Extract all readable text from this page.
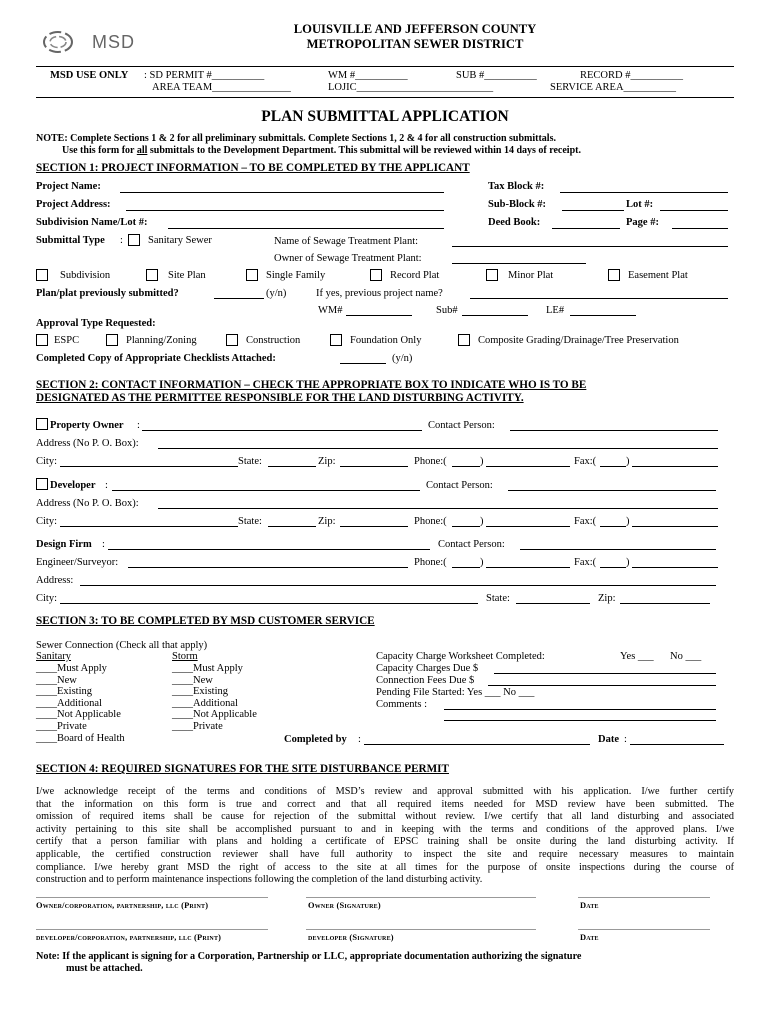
MSD
LOUISVILLE AND JEFFERSON COUNTY
METROPOLITAN SEWER DISTRICT
MSD USE ONLY : SD PERMIT #__________	WM #__________	SUB #__________	RECORD #__________
AREA TEAM_______________	LOJIC__________________________	SERVICE AREA__________
PLAN SUBMITTAL APPLICATION
NOTE: Complete Sections 1 & 2 for all preliminary submittals. Complete Sections 1, 2 & 4 for all construction submittals.
Use this form for all submittals to the Development Department. This submittal will be reviewed within 14 days of receipt.
SECTION 1: PROJECT INFORMATION – TO BE COMPLETED BY THE APPLICANT
Project Name:	Tax Block #:
Project Address:	Sub-Block #:	Lot #:
Subdivision Name/Lot #:	Deed Book:	Page #:
Submittal Type : Sanitary Sewer	Name of Sewage Treatment Plant:
Owner of Sewage Treatment Plant:
Subdivision	Site Plan	Single Family	Record Plat	Minor Plat	Easement Plat
Plan/plat previously submitted?	(y/n)	If yes, previous project name?
WM#	Sub#	LE#
Approval Type Requested:
ESPC	Planning/Zoning	Construction	Foundation Only	Composite Grading/Drainage/Tree Preservation
Completed Copy of Appropriate Checklists Attached:	(y/n)
SECTION 2: CONTACT INFORMATION – CHECK THE APPROPRIATE BOX TO INDICATE WHO IS TO BE
DESIGNATED AS THE PERMITTEE RESPONSIBLE FOR THE LAND DISTURBING ACTIVITY.
Property Owner :	Contact Person:
Address (No P. O. Box):
City:	State:	Zip:	Phone:(	)	Fax:(	)
Developer :	Contact Person:
Address (No P. O. Box):
City:	State:	Zip:	Phone:(	)	Fax:(	)
Design Firm :	Contact Person:
Engineer/Surveyor:	Phone:(	)	Fax:(	)
Address:
City:	State:	Zip:
SECTION 3: TO BE COMPLETED BY MSD CUSTOMER SERVICE
Sewer Connection (Check all that apply)
Sanitary	Storm
____Must Apply
____New
____Existing
____Additional
____Not Applicable
____Private
____Board of Health
____Must Apply
____New
____Existing
____Additional
____Not Applicable
____Private
Capacity Charge Worksheet Completed:	Yes ___ No ___
Capacity Charges Due $
Connection Fees Due $
Pending File Started: Yes ___ No ___
Comments :
Completed by :	Date :
SECTION 4: REQUIRED SIGNATURES FOR THE SITE DISTURBANCE PERMIT
I/we acknowledge receipt of the terms and conditions of MSD’s review and approval submitted with his application. I/we further certify
that the information on this form is true and correct and that all required items needed for MSD review have been submitted. The
omission of required items shall be cause for rejection of the submittal without review. I/we certify that all land disturbing and associated
activity pertaining to this site shall be accomplished pursuant to and in keeping with the terms and conditions of the approved plans. I/we
certify that a person familiar with plans and holding a certificate of EPSC training shall be onsite during the land disturbing activity. If
applicable, the certified construction reviewer shall have full authority to inspect the site and require necessary measures to maintain
compliance. I/we hereby grant MSD the right of access to the site at all times for the purpose of onsite inspections during the course of
construction and to perform maintenance inspections following the completion of the land disturbing activity.
Owner/corporation, partnership, llc (Print)	Owner (Signature)	Date
developer/corporation, partnership, llc (Print)	developer (Signature)	Date
Note: If the applicant is signing for a Corporation, Partnership or LLC, appropriate documentation authorizing the signature
must be attached.
